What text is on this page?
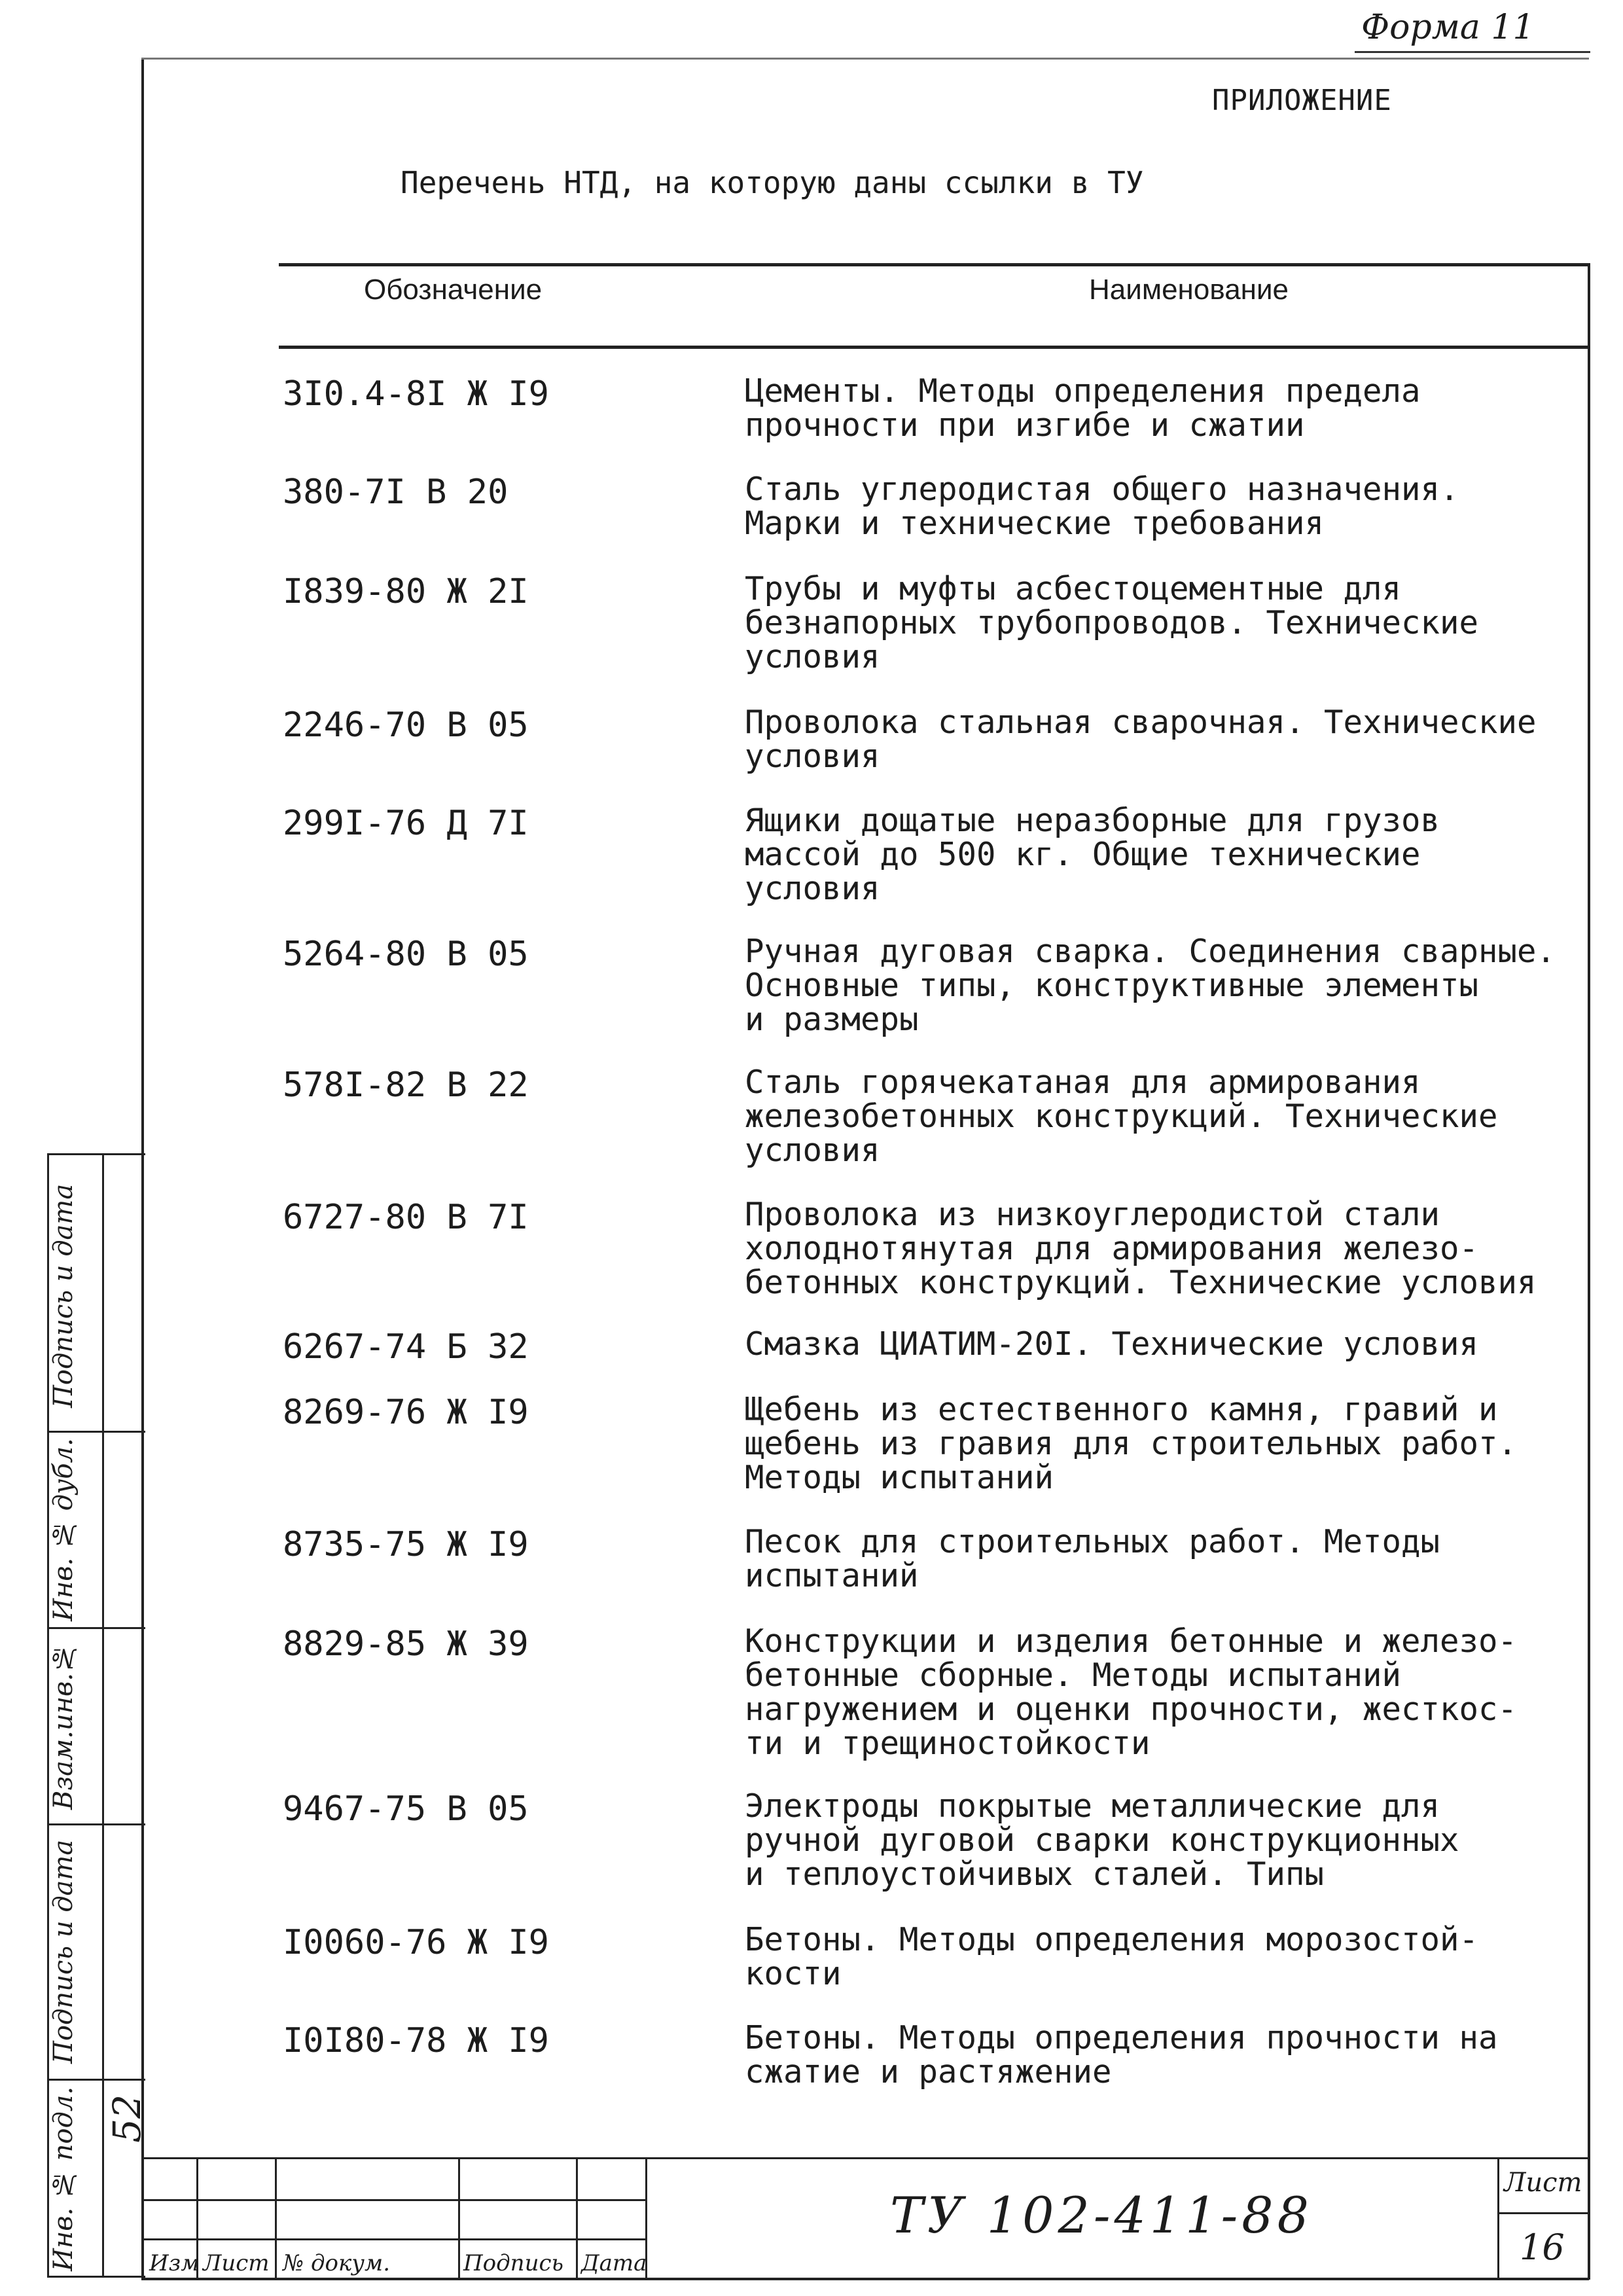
Форма 11
ПРИЛОЖЕНИЕ
Перечень НТД, на которую даны ссылки в ТУ
Обозначение	Наименование
3I0.4-8I Ж I9	Цементы. Методы определения предела
прочности при изгибе и сжатии
380-7I В 20	Сталь углеродистая общего назначения.
Марки и технические требования
I839-80 Ж 2I	Трубы и муфты асбестоцементные для
безнапорных трубопроводов. Технические
условия
2246-70 В 05	Проволока стальная сварочная. Технические
условия
299I-76 Д 7I	Ящики дощатые неразборные для грузов
массой до 500 кг. Общие технические
условия
5264-80 В 05	Ручная дуговая сварка. Соединения сварные.
Основные типы, конструктивные элементы
и размеры
578I-82 В 22	Сталь горячекатаная для армирования
железобетонных конструкций. Технические
условия
6727-80 В 7I	Проволока из низкоуглеродистой стали
холоднотянутая для армирования железо-
бетонных конструкций. Технические условия
6267-74 Б 32	Смазка ЦИАТИМ-20I. Технические условия
8269-76 Ж I9	Щебень из естественного камня, гравий и
щебень из гравия для строительных работ.
Методы испытаний
8735-75 Ж I9	Песок для строительных работ. Методы
испытаний
8829-85 Ж 39	Конструкции и изделия бетонные и железо-
бетонные сборные. Методы испытаний
нагружением и оценки прочности, жесткос-
ти и трещиностойкости
9467-75 В 05	Электроды покрытые металлические для
ручной дуговой сварки конструкционных
и теплоустойчивых сталей. Типы
I0060-76 Ж I9	Бетоны. Методы определения морозостой-
кости
I0I80-78 Ж I9	Бетоны. Методы определения прочности на
сжатие и растяжение
Подпись и дата
Инв. № дубл.
Взам.инв.№
Подпись и дата
Инв. № подл. 52
Изм Лист № докум.	Подпись Дата
ТУ 102-411-88
Лист
16
